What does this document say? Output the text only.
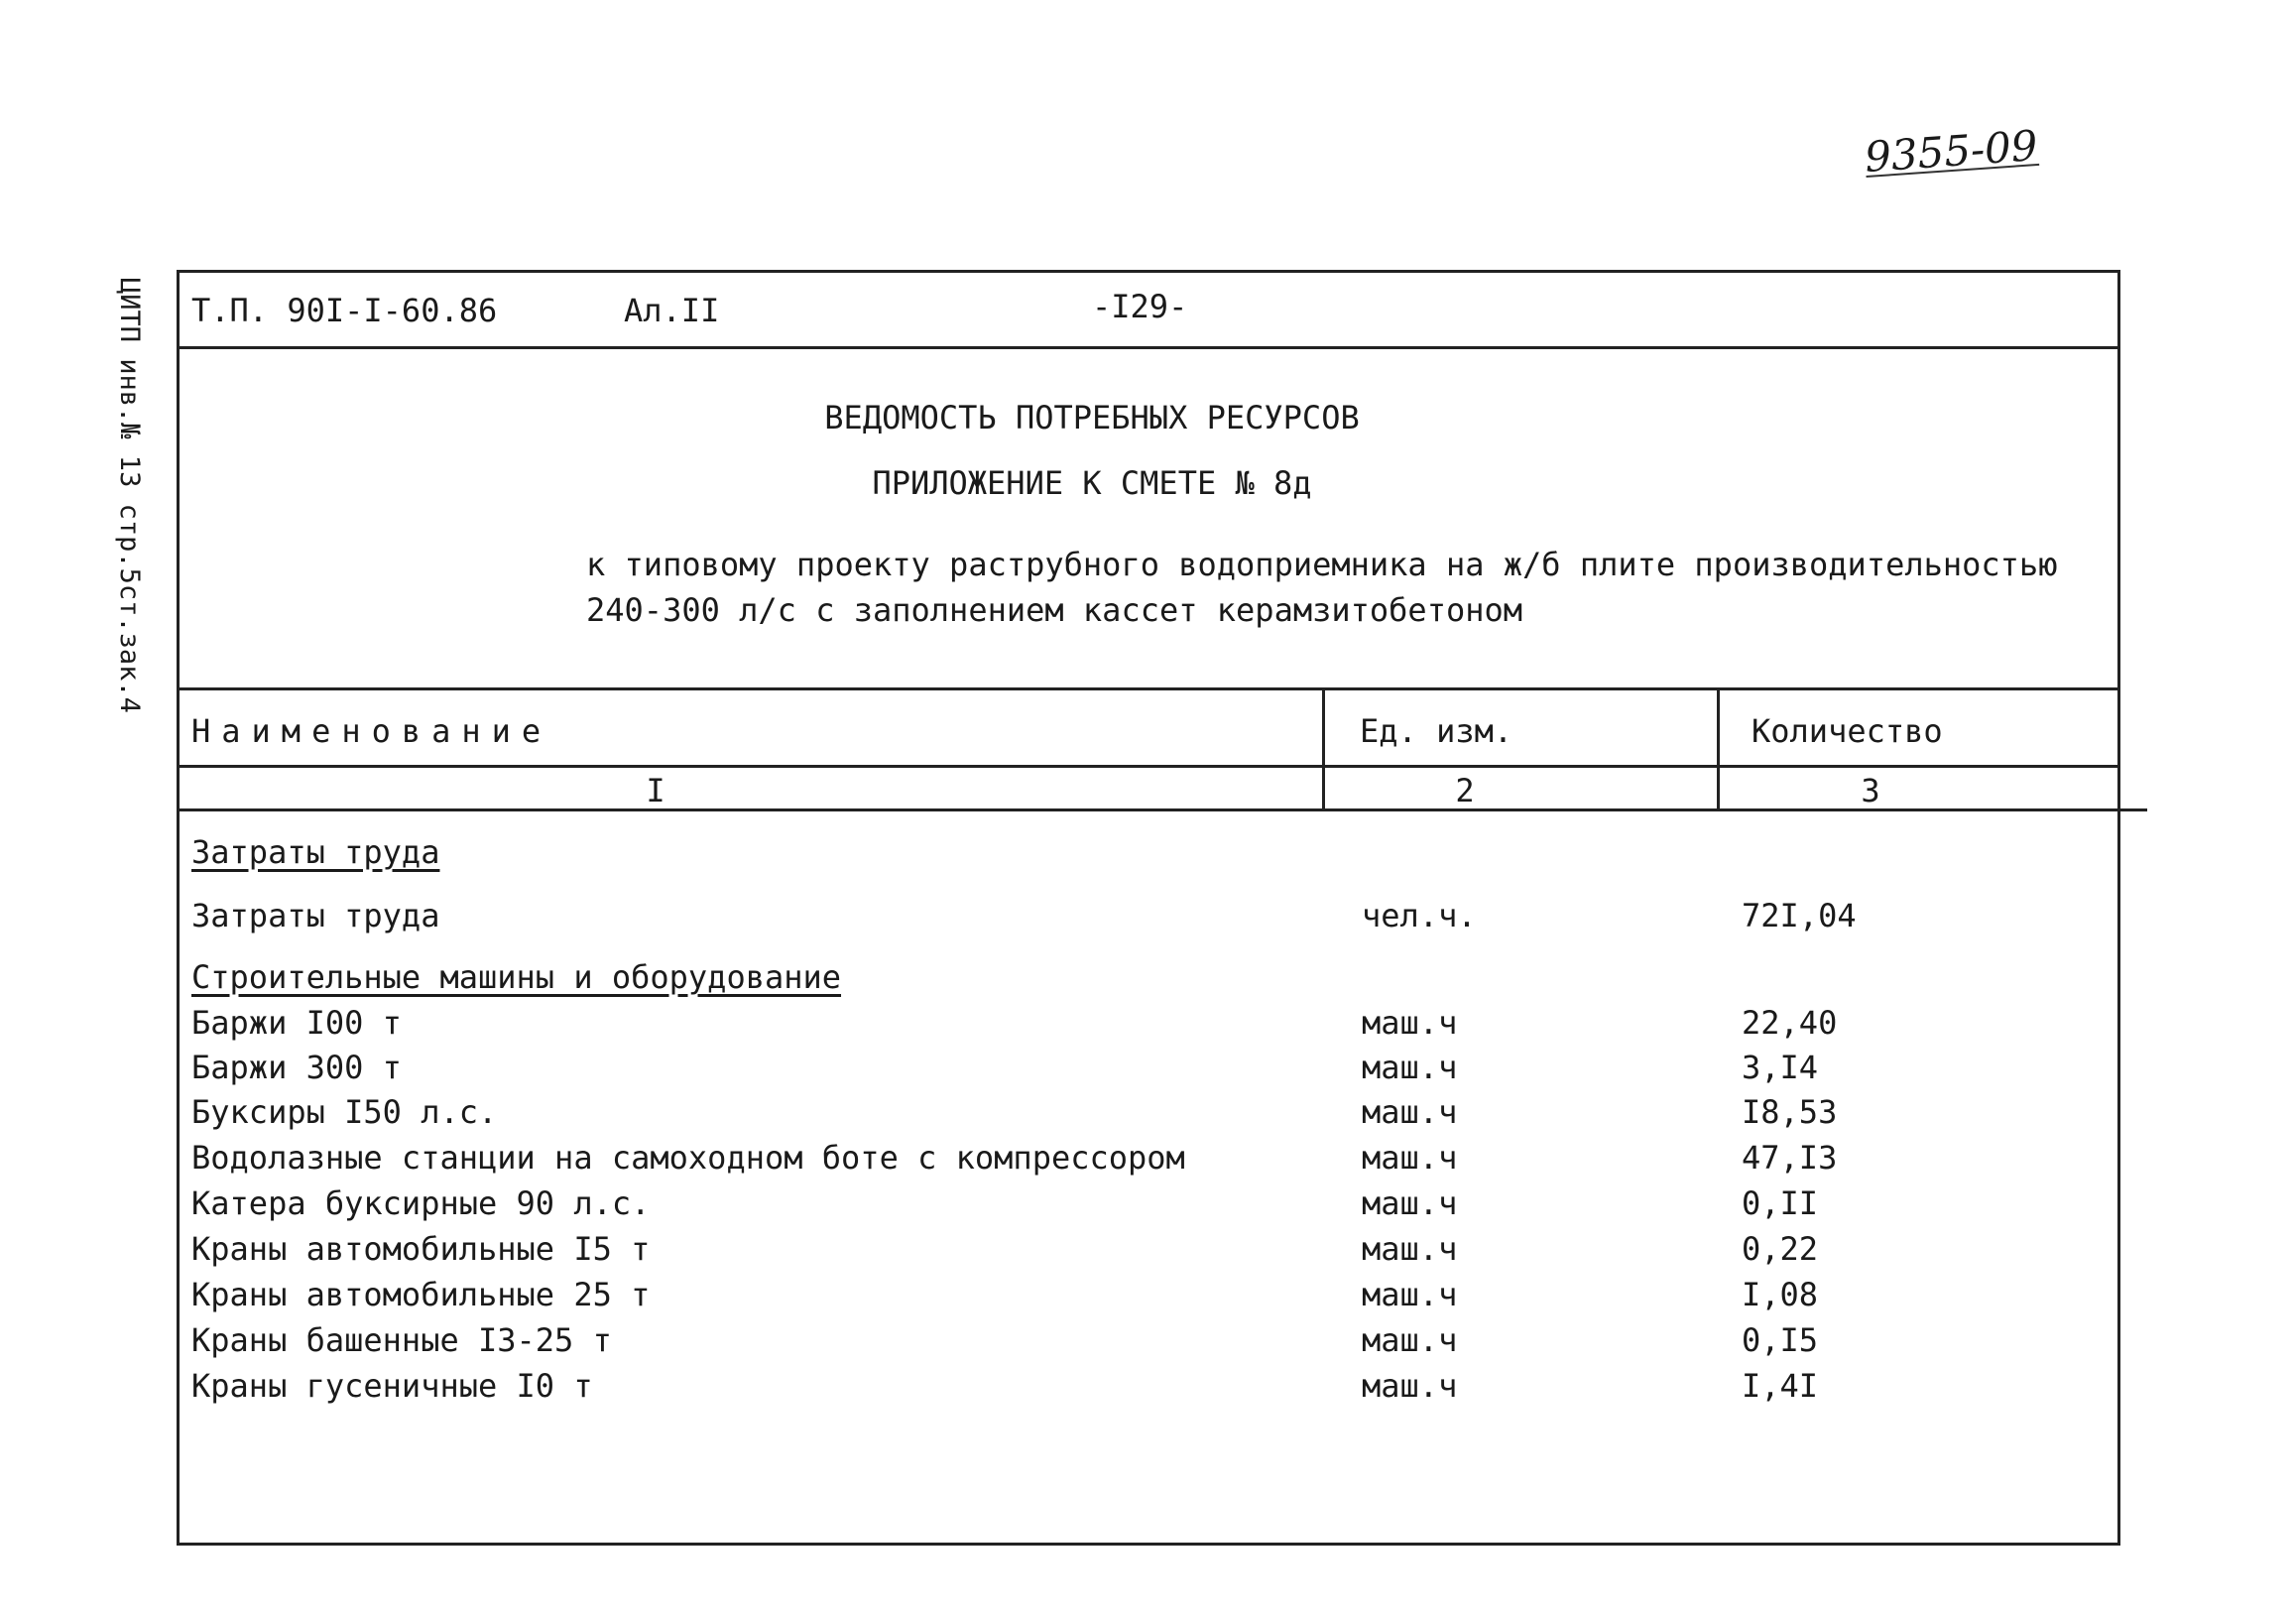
9355-09
ЦИТП инв.№ 13 стр.5ст.зак.4 Т.П. 90I-I-60.86	Ал.II	-I29-
ВЕДОМОСТЬ ПОТРЕБНЫХ РЕСУРСОВ
ПРИЛОЖЕНИЕ К СМЕТЕ № 8д
к типовому проекту раструбного водоприемника на ж/б плите производительностью
240-300 л/с с заполнением кассет керамзитобетоном
Наименование	Ед. изм.	Количество
I	2	3
Затраты труда
Затраты труда	чел.ч.	72I,04
Строительные машины и оборудование
Баржи I00 т	маш.ч	22,40
Баржи 300 т	маш.ч	3,I4
Буксиры I50 л.с.	маш.ч	I8,53
Водолазные станции на самоходном боте с компрессором	маш.ч	47,I3
Катера буксирные 90 л.с.	маш.ч	0,II
Краны автомобильные I5 т	маш.ч	0,22
Краны автомобильные 25 т	маш.ч	I,08
Краны башенные I3-25 т	маш.ч	0,I5
Краны гусеничные I0 т	маш.ч	I,4I
